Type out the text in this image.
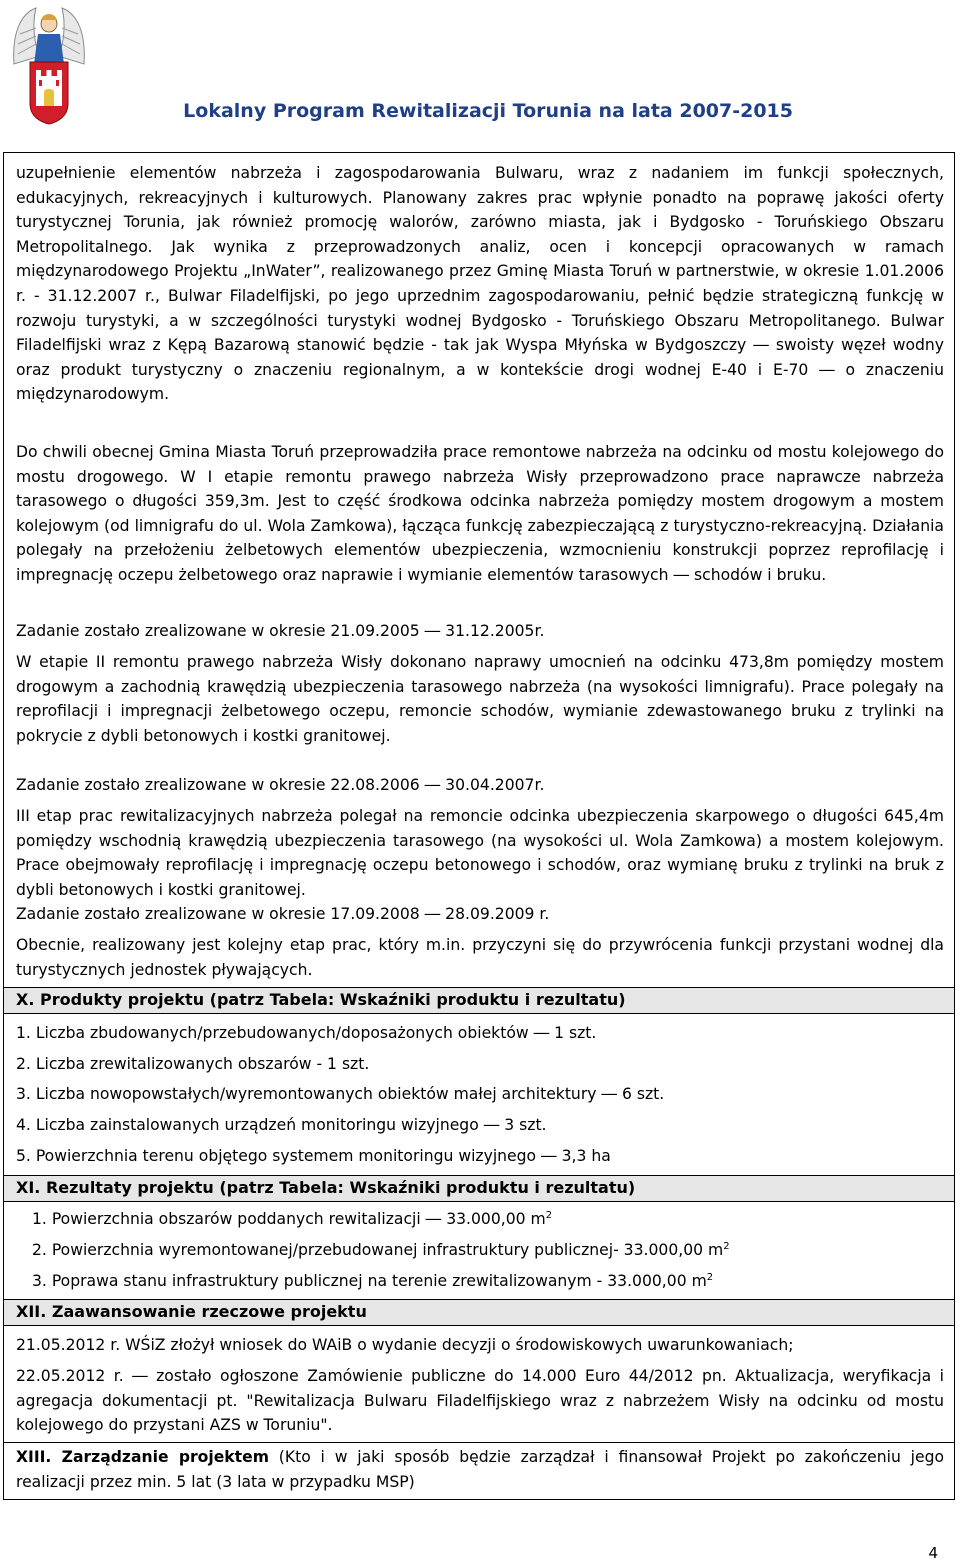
Lokalny Program Rewitalizacji Torunia na lata 2007-2015

uzupełnienie elementów nabrzeża i zagospodarowania Bulwaru, wraz z nadaniem im funkcji społecznych, edukacyjnych, rekreacyjnych i kulturowych. Planowany zakres prac wpłynie ponadto na poprawę jakości oferty turystycznej Torunia, jak również promocję walorów, zarówno miasta, jak i Bydgosko - Toruńskiego Obszaru Metropolitalnego. Jak wynika z przeprowadzonych analiz, ocen i koncepcji opracowanych w ramach międzynarodowego Projektu „InWater”, realizowanego przez Gminę Miasta Toruń w partnerstwie, w okresie 1.01.2006 r. - 31.12.2007 r., Bulwar Filadelfijski, po jego uprzednim zagospodarowaniu, pełnić będzie strategiczną funkcję w rozwoju turystyki, a w szczególności turystyki wodnej Bydgosko - Toruńskiego Obszaru Metropolitanego. Bulwar Filadelfijski wraz z Kępą Bazarową stanowić będzie - tak jak Wyspa Młyńska w Bydgoszczy ― swoisty węzeł wodny oraz produkt turystyczny o znaczeniu regionalnym, a w kontekście drogi wodnej E-40 i E-70 ― o znaczeniu międzynarodowym.

Do chwili obecnej Gmina Miasta Toruń przeprowadziła prace remontowe nabrzeża na odcinku od mostu kolejowego do mostu drogowego. W I etapie remontu prawego nabrzeża Wisły przeprowadzono prace naprawcze nabrzeża tarasowego o długości 359,3m. Jest to część środkowa odcinka nabrzeża pomiędzy mostem drogowym a mostem kolejowym (od limnigrafu do ul. Wola Zamkowa), łącząca funkcję zabezpieczającą z turystyczno-rekreacyjną. Działania polegały na przełożeniu żelbetowych elementów ubezpieczenia, wzmocnieniu konstrukcji poprzez reprofilację i impregnację oczepu żelbetowego oraz naprawie i wymianie elementów tarasowych ― schodów i bruku.

Zadanie zostało zrealizowane w okresie 21.09.2005 ― 31.12.2005r.

W etapie II remontu prawego nabrzeża Wisły dokonano naprawy umocnień na odcinku 473,8m pomiędzy mostem drogowym a zachodnią krawędzią ubezpieczenia tarasowego nabrzeża (na wysokości limnigrafu). Prace polegały na reprofilacji i impregnacji żelbetowego oczepu, remoncie schodów, wymianie zdewastowanego bruku z trylinki na pokrycie z dybli betonowych i kostki granitowej.

Zadanie zostało zrealizowane w okresie 22.08.2006 ― 30.04.2007r.

III etap prac rewitalizacyjnych nabrzeża polegał na remoncie odcinka ubezpieczenia skarpowego o długości 645,4m pomiędzy wschodnią krawędzią ubezpieczenia tarasowego (na wysokości ul. Wola Zamkowa) a mostem kolejowym. Prace obejmowały reprofilację i impregnację oczepu betonowego i schodów, oraz wymianę bruku z trylinki na bruk z dybli betonowych i kostki granitowej.

Zadanie zostało zrealizowane w okresie 17.09.2008 ― 28.09.2009 r.

Obecnie, realizowany jest kolejny etap prac, który m.in. przyczyni się do przywrócenia funkcji przystani wodnej dla turystycznych jednostek pływających.

X. Produkty projektu (patrz Tabela: Wskaźniki produktu i rezultatu)

1. Liczba zbudowanych/przebudowanych/doposażonych obiektów ― 1 szt.

2. Liczba zrewitalizowanych obszarów - 1 szt.

3. Liczba nowopowstałych/wyremontowanych obiektów małej architektury ― 6 szt.

4. Liczba zainstalowanych urządzeń monitoringu wizyjnego ― 3 szt.

5. Powierzchnia terenu objętego systemem monitoringu wizyjnego ― 3,3 ha

XI. Rezultaty projektu (patrz Tabela: Wskaźniki produktu i rezultatu)

1. Powierzchnia obszarów poddanych rewitalizacji ― 33.000,00 $m^2$

2. Powierzchnia wyremontowanej/przebudowanej infrastruktury publicznej- 33.000,00 $m^2$

3. Poprawa stanu infrastruktury publicznej na terenie zrewitalizowanym - 33.000,00 $m^2$

XII. Zaawansowanie rzeczowe projektu

21.05.2012 r. WŚiZ złożył wniosek do WAiB o wydanie decyzji o środowiskowych uwarunkowaniach;

22.05.2012 r. ― zostało ogłoszone Zamówienie publiczne do 14.000 Euro 44/2012 pn. Aktualizacja, weryfikacja i agregacja dokumentacji pt. "Rewitalizacja Bulwaru Filadelfijskiego wraz z nabrzeżem Wisły na odcinku od mostu kolejowego do przystani AZS w Toruniu".

XIII. Zarządzanie projektem (Kto i w jaki sposób będzie zarządzał i finansował Projekt po zakończeniu jego realizacji przez min. 5 lat (3 lata w przypadku MSP)

4
